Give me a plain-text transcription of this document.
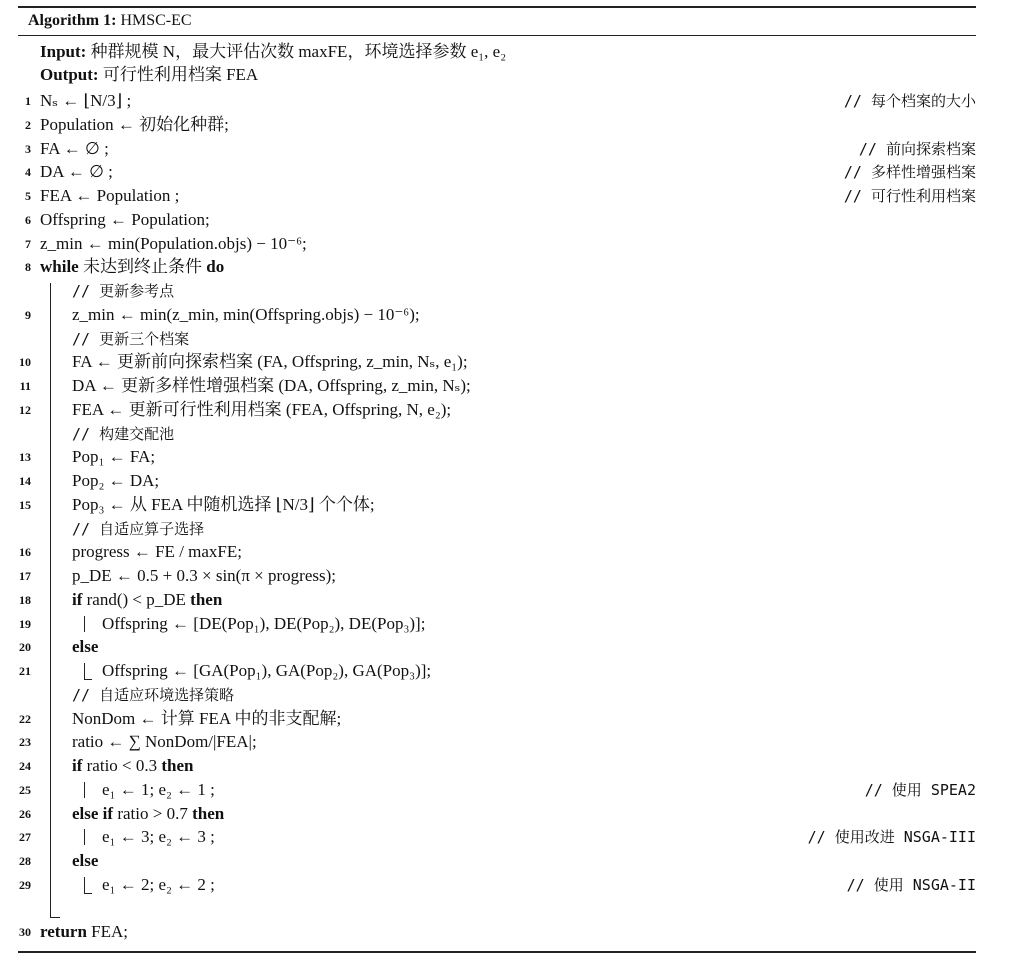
Algorithm 1: HMSC-EC
Input: 种群规模 N，最大评估次数 maxFE，环境选择参数 e₁, e₂
Output: 可行性利用档案 FEA
1 Nₛ ← ⌊N/3⌋ ;	// 每个档案的大小
2 Population ← 初始化种群;
3 FA ← ∅ ;	// 前向探索档案
4 DA ← ∅ ;	// 多样性增强档案
5 FEA ← Population ;	// 可行性利用档案
6 Offspring ← Population;
7 z_min ← min(Population.objs) − 10⁻⁶;
8 while 未达到终止条件 do
// 更新参考点
9 z_min ← min(z_min, min(Offspring.objs) − 10⁻⁶);
// 更新三个档案
10 FA ← 更新前向探索档案 (FA, Offspring, z_min, Nₛ, e₁);
11 DA ← 更新多样性增强档案 (DA, Offspring, z_min, Nₛ);
12 FEA ← 更新可行性利用档案 (FEA, Offspring, N, e₂);
// 构建交配池
13 Pop₁ ← FA;
14 Pop₂ ← DA;
15 Pop₃ ← 从 FEA 中随机选择 ⌊N/3⌋ 个个体;
// 自适应算子选择
16 progress ← FE / maxFE;
17 p_DE ← 0.5 + 0.3 × sin(π × progress);
18 if rand() < p_DE then
19	Offspring ← [DE(Pop₁), DE(Pop₂), DE(Pop₃)];
20 else
21	Offspring ← [GA(Pop₁), GA(Pop₂), GA(Pop₃)];
// 自适应环境选择策略
22 NonDom ← 计算 FEA 中的非支配解;
23 ratio ← ∑ NonDom/|FEA|;
24 if ratio < 0.3 then
25	e₁ ← 1; e₂ ← 1 ;	// 使用 SPEA2
26 else if ratio > 0.7 then
27	e₁ ← 3; e₂ ← 3 ;	// 使用改进 NSGA-III
28 else
29	e₁ ← 2; e₂ ← 2 ;	// 使用 NSGA-II
30 return FEA;
